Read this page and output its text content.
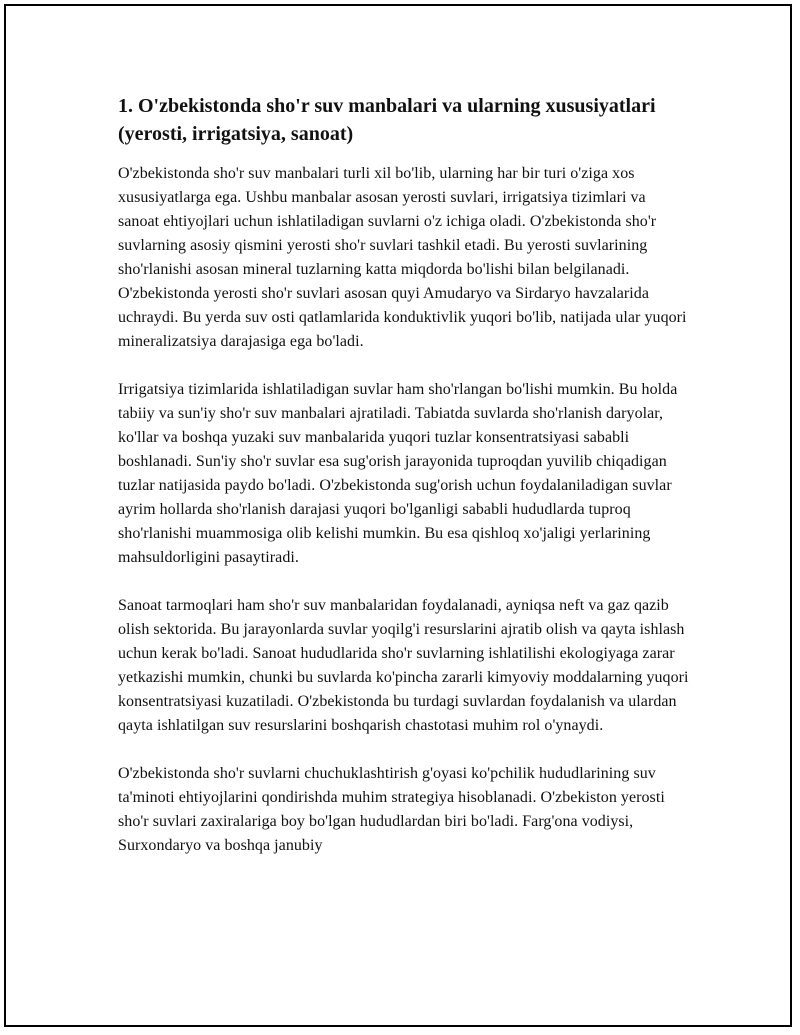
1. O'zbekistonda sho'r suv manbalari va ularning xususiyatlari (yerosti, irrigatsiya, sanoat)

O'zbekistonda sho'r suv manbalari turli xil bo'lib, ularning har bir turi o'ziga xos xususiyatlarga ega. Ushbu manbalar asosan yerosti suvlari, irrigatsiya tizimlari va sanoat ehtiyojlari uchun ishlatiladigan suvlarni o'z ichiga oladi. O'zbekistonda sho'r suvlarning asosiy qismini yerosti sho'r suvlari tashkil etadi. Bu yerosti suvlarining sho'rlanishi asosan mineral tuzlarning katta miqdorda bo'lishi bilan belgilanadi. O'zbekistonda yerosti sho'r suvlari asosan quyi Amudaryo va Sirdaryo havzalarida uchraydi. Bu yerda suv osti qatlamlarida konduktivlik yuqori bo'lib, natijada ular yuqori mineralizatsiya darajasiga ega bo'ladi.

Irrigatsiya tizimlarida ishlatiladigan suvlar ham sho'rlangan bo'lishi mumkin. Bu holda tabiiy va sun'iy sho'r suv manbalari ajratiladi. Tabiatda suvlarda sho'rlanish daryolar, ko'llar va boshqa yuzaki suv manbalarida yuqori tuzlar konsentratsiyasi sababli boshlanadi. Sun'iy sho'r suvlar esa sug'orish jarayonida tuproqdan yuvilib chiqadigan tuzlar natijasida paydo bo'ladi. O'zbekistonda sug'orish uchun foydalaniladigan suvlar ayrim hollarda sho'rlanish darajasi yuqori bo'lganligi sababli hududlarda tuproq sho'rlanishi muammosiga olib kelishi mumkin. Bu esa qishloq xo'jaligi yerlarining mahsuldorligini pasaytiradi.

Sanoat tarmoqlari ham sho'r suv manbalaridan foydalanadi, ayniqsa neft va gaz qazib olish sektorida. Bu jarayonlarda suvlar yoqilg'i resurslarini ajratib olish va qayta ishlash uchun kerak bo'ladi. Sanoat hududlarida sho'r suvlarning ishlatilishi ekologiyaga zarar yetkazishi mumkin, chunki bu suvlarda ko'pincha zararli kimyoviy moddalarning yuqori konsentratsiyasi kuzatiladi. O'zbekistonda bu turdagi suvlardan foydalanish va ulardan qayta ishlatilgan suv resurslarini boshqarish chastotasi muhim rol o'ynaydi.

O'zbekistonda sho'r suvlarni chuchuklashtirish g'oyasi ko'pchilik hududlarining suv ta'minoti ehtiyojlarini qondirishda muhim strategiya hisoblanadi. O'zbekiston yerosti sho'r suvlari zaxiralariga boy bo'lgan hududlardan biri bo'ladi. Farg'ona vodiysi, Surxondaryo va boshqa janubiy
